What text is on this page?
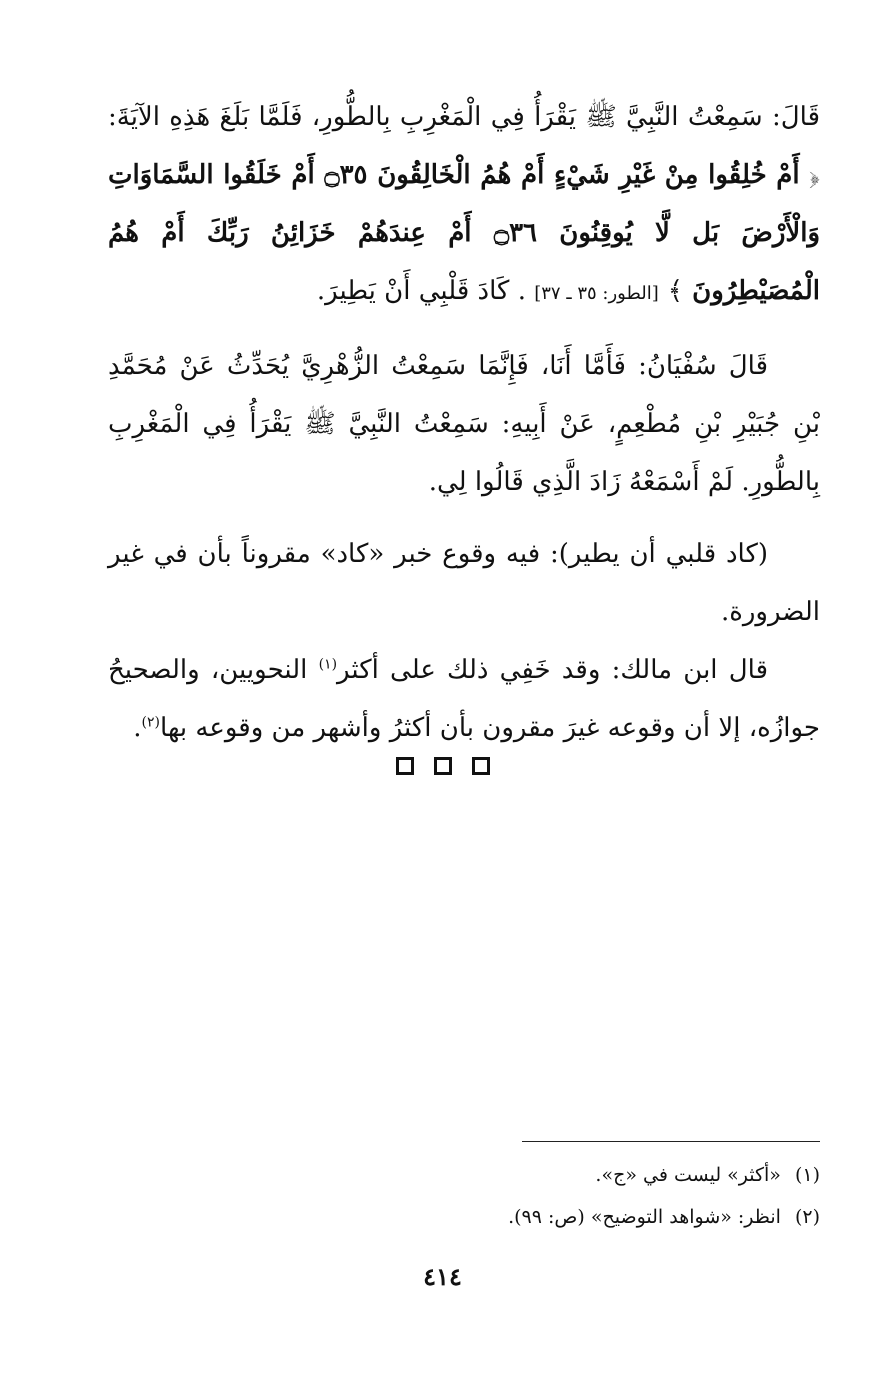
قَالَ: سَمِعْتُ النَّبِيَّ ﷺ يَقْرَأُ فِي الْمَغْرِبِ بِالطُّورِ، فَلَمَّا بَلَغَ هَذِهِ الآيَةَ: ﴿ أَمْ خُلِقُوا مِنْ غَيْرِ شَيْءٍ أَمْ هُمُ الْخَالِقُونَ ۝٣٥ أَمْ خَلَقُوا السَّمَاوَاتِ وَالْأَرْضَ بَل لَّا يُوقِنُونَ ۝٣٦ أَمْ عِندَهُمْ خَزَائِنُ رَبِّكَ أَمْ هُمُ الْمُصَيْطِرُونَ ﴾ [الطور: ٣٥ ـ ٣٧] . كَادَ قَلْبِي أَنْ يَطِيرَ.

قَالَ سُفْيَانُ: فَأَمَّا أَنَا، فَإِنَّمَا سَمِعْتُ الزُّهْرِيَّ يُحَدِّثُ عَنْ مُحَمَّدِ بْنِ جُبَيْرِ بْنِ مُطْعِمٍ، عَنْ أَبِيهِ: سَمِعْتُ النَّبِيَّ ﷺ يَقْرَأُ فِي الْمَغْرِبِ بِالطُّورِ. لَمْ أَسْمَعْهُ زَادَ الَّذِي قَالُوا لِي.

(كاد قلبي أن يطير): فيه وقوع خبر «كاد» مقروناً بأن في غير الضرورة.

قال ابن مالك: وقد خَفِي ذلك على أكثر$^{(١)}$ النحويين، والصحيحُ جوازُه، إلا أن وقوعه غيرَ مقرون بأن أكثرُ وأشهر من وقوعه بها$^{(٢)}$.

(١)«أكثر» ليست في «ج».

(٢)انظر: «شواهد التوضيح» (ص: ٩٩).

٤١٤
